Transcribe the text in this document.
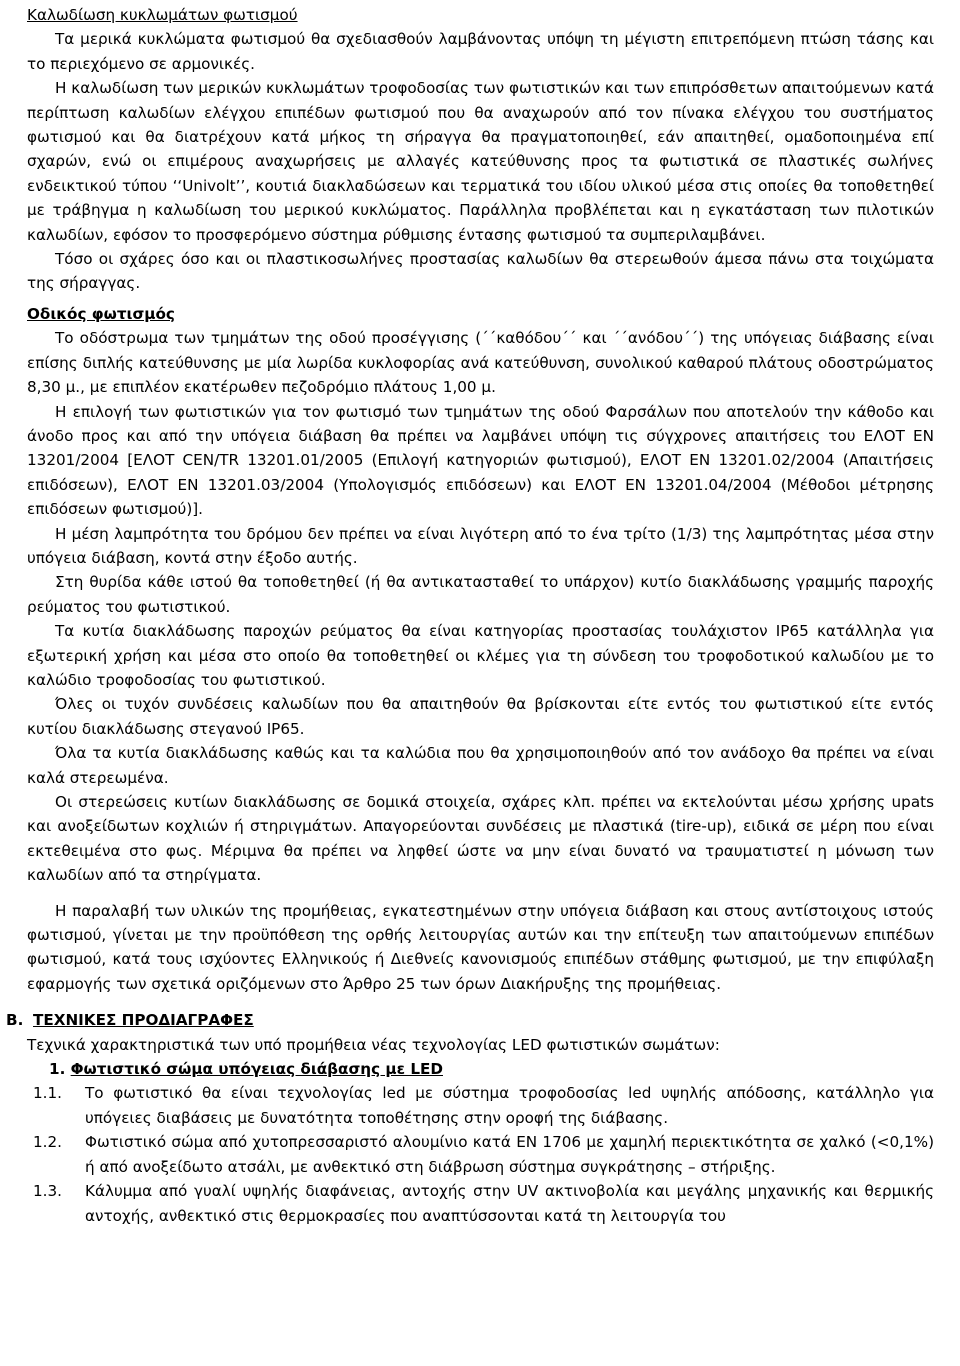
Καλωδίωση κυκλωμάτων φωτισμού

Τα μερικά κυκλώματα φωτισμού θα σχεδιασθούν λαμβάνοντας υπόψη τη μέγιστη επιτρεπόμενη πτώση τάσης και το περιεχόμενο σε αρμονικές.

Η καλωδίωση των μερικών κυκλωμάτων τροφοδοσίας των φωτιστικών και των επιπρόσθετων απαιτούμενων κατά περίπτωση καλωδίων ελέγχου επιπέδων φωτισμού που θα αναχωρούν από τον πίνακα ελέγχου του συστήματος φωτισμού και θα διατρέχουν κατά μήκος τη σήραγγα θα πραγματοποιηθεί, εάν απαιτηθεί, ομαδοποιημένα επί σχαρών, ενώ οι επιμέρους αναχωρήσεις με αλλαγές κατεύθυνσης προς τα φωτιστικά σε πλαστικές σωλήνες ενδεικτικού τύπου ‘‘Univolt’’, κουτιά διακλαδώσεων και τερματικά του ιδίου υλικού μέσα στις οποίες θα τοποθετηθεί με τράβηγμα η καλωδίωση του μερικού κυκλώματος. Παράλληλα προβλέπεται και η εγκατάσταση των πιλοτικών καλωδίων, εφόσον το προσφερόμενο σύστημα ρύθμισης έντασης φωτισμού τα συμπεριλαμβάνει.

Τόσο οι σχάρες όσο και οι πλαστικοσωλήνες προστασίας καλωδίων θα στερεωθούν άμεσα πάνω στα τοιχώματα της σήραγγας.

Οδικός φωτισμός

Το οδόστρωμα των τμημάτων της οδού προσέγγισης (΄΄καθόδου΄΄ και ΄΄ανόδου΄΄) της υπόγειας διάβασης είναι επίσης διπλής κατεύθυνσης με μία λωρίδα κυκλοφορίας ανά κατεύθυνση, συνολικού καθαρού πλάτους οδοστρώματος 8,30 μ., με επιπλέον εκατέρωθεν πεζοδρόμιο πλάτους 1,00 μ.

Η επιλογή των φωτιστικών για τον φωτισμό των τμημάτων της οδού Φαρσάλων που αποτελούν την κάθοδο και άνοδο προς και από την υπόγεια διάβαση θα πρέπει να λαμβάνει υπόψη τις σύγχρονες απαιτήσεις του ΕΛΟΤ ΕΝ 13201/2004 [ΕΛΟΤ CEN/TR 13201.01/2005 (Επιλογή κατηγοριών φωτισμού), ΕΛΟΤ ΕΝ 13201.02/2004 (Απαιτήσεις επιδόσεων), ΕΛΟΤ ΕΝ 13201.03/2004 (Υπολογισμός επιδόσεων) και ΕΛΟΤ ΕΝ 13201.04/2004 (Μέθοδοι μέτρησης επιδόσεων φωτισμού)].

Η μέση λαμπρότητα του δρόμου δεν πρέπει να είναι λιγότερη από το ένα τρίτο (1/3) της λαμπρότητας μέσα στην υπόγεια διάβαση, κοντά στην έξοδο αυτής.

Στη θυρίδα κάθε ιστού θα τοποθετηθεί (ή θα αντικατασταθεί το υπάρχον) κυτίο διακλάδωσης γραμμής παροχής ρεύματος του φωτιστικού.

Τα κυτία διακλάδωσης παροχών ρεύματος θα είναι κατηγορίας προστασίας τουλάχιστον IP65 κατάλληλα για εξωτερική χρήση και μέσα στο οποίο θα τοποθετηθεί οι κλέμες για τη σύνδεση του τροφοδοτικού καλωδίου με το καλώδιο τροφοδοσίας του φωτιστικού.

Όλες οι τυχόν συνδέσεις καλωδίων που θα απαιτηθούν θα βρίσκονται είτε εντός του φωτιστικού είτε εντός κυτίου διακλάδωσης στεγανού IP65.

Όλα τα κυτία διακλάδωσης καθώς και τα καλώδια που θα χρησιμοποιηθούν από τον ανάδοχο θα πρέπει να είναι καλά στερεωμένα.

Οι στερεώσεις κυτίων διακλάδωσης σε δομικά στοιχεία, σχάρες κλπ. πρέπει να εκτελούνται μέσω χρήσης upats και ανοξείδωτων κοχλιών ή στηριγμάτων. Απαγορεύονται συνδέσεις με πλαστικά (tire-up), ειδικά σε μέρη που είναι εκτεθειμένα στο φως. Μέριμνα θα πρέπει να ληφθεί ώστε να μην είναι δυνατό να τραυματιστεί η μόνωση των καλωδίων από τα στηρίγματα.

Η παραλαβή των υλικών της προμήθειας, εγκατεστημένων στην υπόγεια διάβαση και στους αντίστοιχους ιστούς φωτισμού, γίνεται με την προϋπόθεση της ορθής λειτουργίας αυτών και την επίτευξη των απαιτούμενων επιπέδων φωτισμού, κατά τους ισχύοντες Ελληνικούς ή Διεθνείς κανονισμούς επιπέδων στάθμης φωτισμού, με την επιφύλαξη εφαρμογής των σχετικά οριζόμενων στο Άρθρο 25 των όρων Διακήρυξης της προμήθειας.

Β. ΤΕΧΝΙΚΕΣ ΠΡΟΔΙΑΓΡΑΦΕΣ

Τεχνικά χαρακτηριστικά των υπό προμήθεια νέας τεχνολογίας LED φωτιστικών σωμάτων:

1. Φωτιστικό σώμα υπόγειας διάβασης με LED

1.1.	Το φωτιστικό θα είναι τεχνολογίας led με σύστημα τροφοδοσίας led υψηλής απόδοσης, κατάλληλο για υπόγειες διαβάσεις με δυνατότητα τοποθέτησης στην οροφή της διάβασης.
1.2.	Φωτιστικό σώμα από χυτοπρεσσαριστό αλουμίνιο κατά ΕΝ 1706 με χαμηλή περιεκτικότητα σε χαλκό (<0,1%) ή από ανοξείδωτο ατσάλι, με ανθεκτικό στη διάβρωση σύστημα συγκράτησης – στήριξης.
1.3.	Κάλυμμα από γυαλί υψηλής διαφάνειας, αντοχής στην UV ακτινοβολία και μεγάλης μηχανικής και θερμικής αντοχής, ανθεκτικό στις θερμοκρασίες που αναπτύσσονται κατά τη λειτουργία του
